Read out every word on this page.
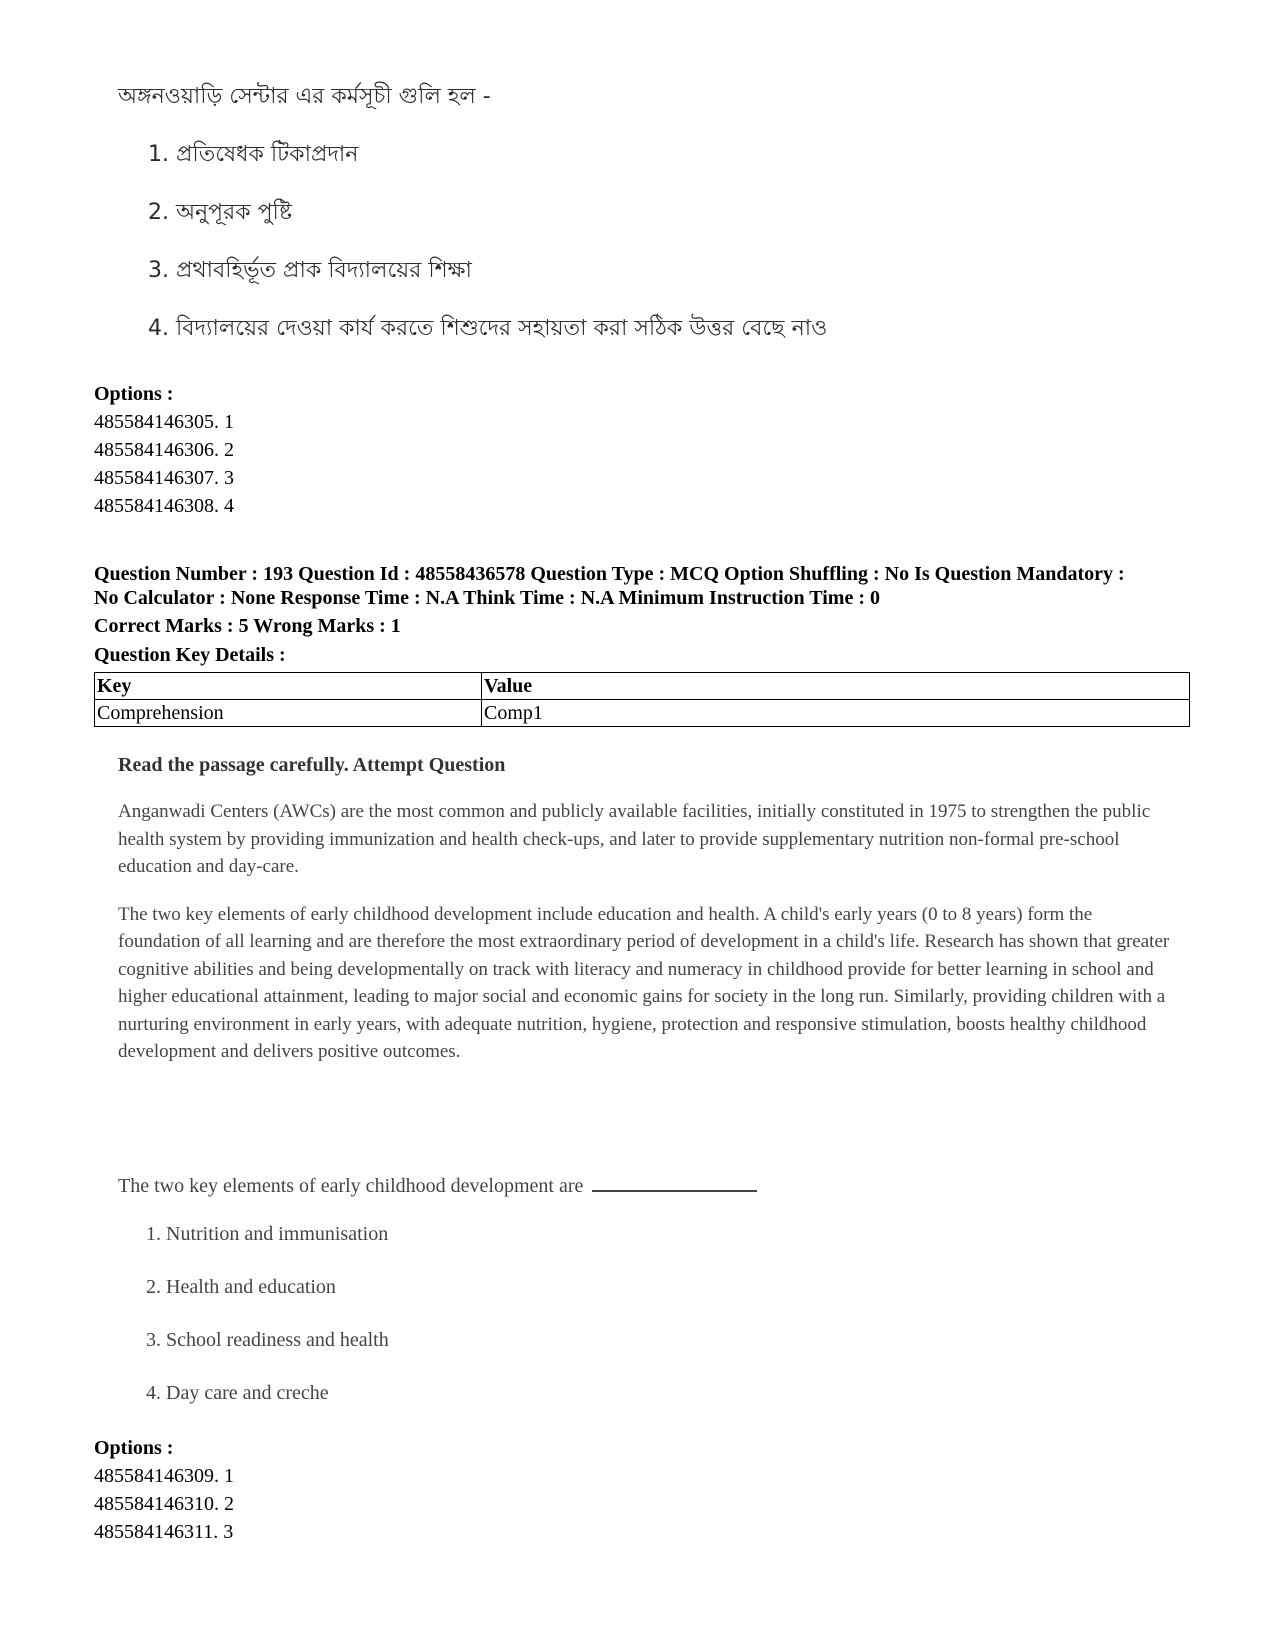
অঙ্গনওয়াড়ি সেন্টার এর কর্মসূচী গুলি হল -

1. প্রতিষেধক টিকাপ্রদান
2. অনুপূরক পুষ্টি
3. প্রথাবহির্ভূত প্রাক বিদ্যালয়ের শিক্ষা
4. বিদ্যালয়ের দেওয়া কার্য করতে শিশুদের সহায়তা করা সঠিক উত্তর বেছে নাও
Options :
485584146305. 1
485584146306. 2
485584146307. 3
485584146308. 4
Question Number : 193 Question Id : 48558436578 Question Type : MCQ Option Shuffling : No Is Question Mandatory :
No Calculator : None Response Time : N.A Think Time : N.A Minimum Instruction Time : 0
Correct Marks : 5 Wrong Marks : 1
Question Key Details :
Key	Value
Comprehension	Comp1

Read the passage carefully. Attempt Question

Anganwadi Centers (AWCs) are the most common and publicly available facilities, initially constituted in 1975 to strengthen the public health system by providing immunization and health check-ups, and later to provide supplementary nutrition non-formal pre-school education and day-care.

The two key elements of early childhood development include education and health. A child's early years (0 to 8 years) form the foundation of all learning and are therefore the most extraordinary period of development in a child's life. Research has shown that greater cognitive abilities and being developmentally on track with literacy and numeracy in childhood provide for better learning in school and higher educational attainment, leading to major social and economic gains for society in the long run. Similarly, providing children with a nurturing environment in early years, with adequate nutrition, hygiene, protection and responsive stimulation, boosts healthy childhood development and delivers positive outcomes.

The two key elements of early childhood development are
1. Nutrition and immunisation
2. Health and education
3. School readiness and health
4. Day care and creche
Options :
485584146309. 1
485584146310. 2
485584146311. 3
